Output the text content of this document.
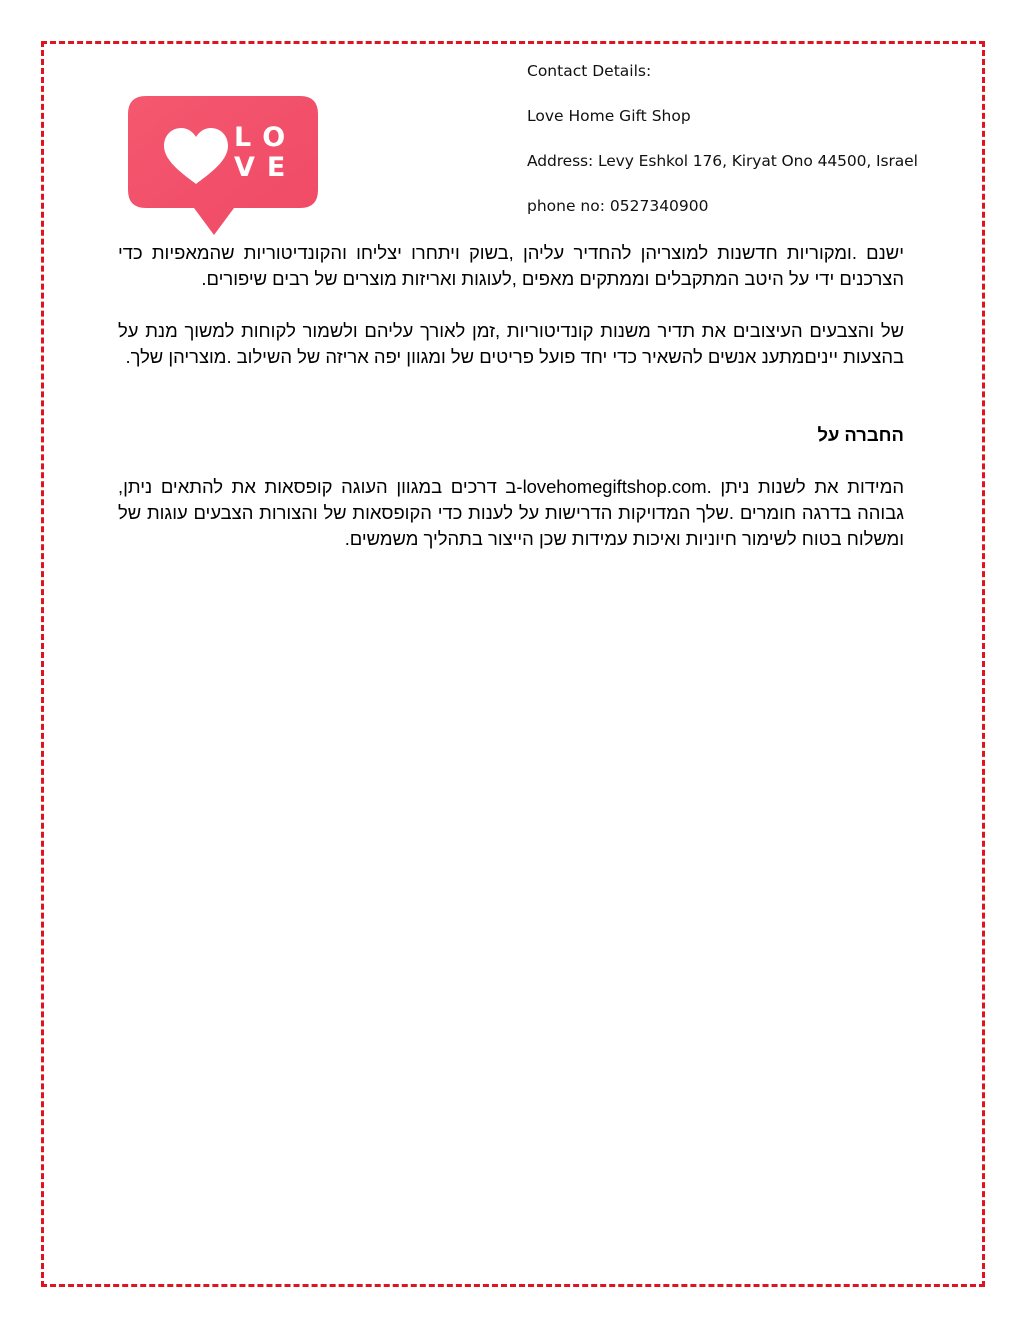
LO
VE

Contact Details:

Love Home Gift Shop

Address: Levy Eshkol 176, Kiryat Ono 44500, Israel

phone no: 0527340900

ישנם .ומקוריות חדשנות למוצריהן להחדיר עליהן ,בשוק ויתחרו יצליחו והקונדיטוריות שהמאפיות כדי הצרכנים ידי על היטב המתקבלים וממתקים מאפים ,לעוגות ואריזות מוצרים של רבים שיפורים.

של והצבעים העיצובים את תדיר משנות קונדיטוריות ,זמן לאורך עליהם ולשמור לקוחות למשוך מנת על בהצעות ייניםמתענ אנשים להשאיר כדי יחד פועל פריטים של ומגוון יפה אריזה של השילוב .מוצריהן שלך.

החברה על

המידות את לשנות ניתן .lovehomegiftshop.com-ב דרכים במגוון העוגה קופסאות את להתאים ניתן, גבוהה בדרגה חומרים .שלך המדויקות הדרישות על לענות כדי הקופסאות של והצורות הצבעים עוגות של ומשלוח בטוח לשימור חיוניות ואיכות עמידות שכן הייצור בתהליך משמשים.
